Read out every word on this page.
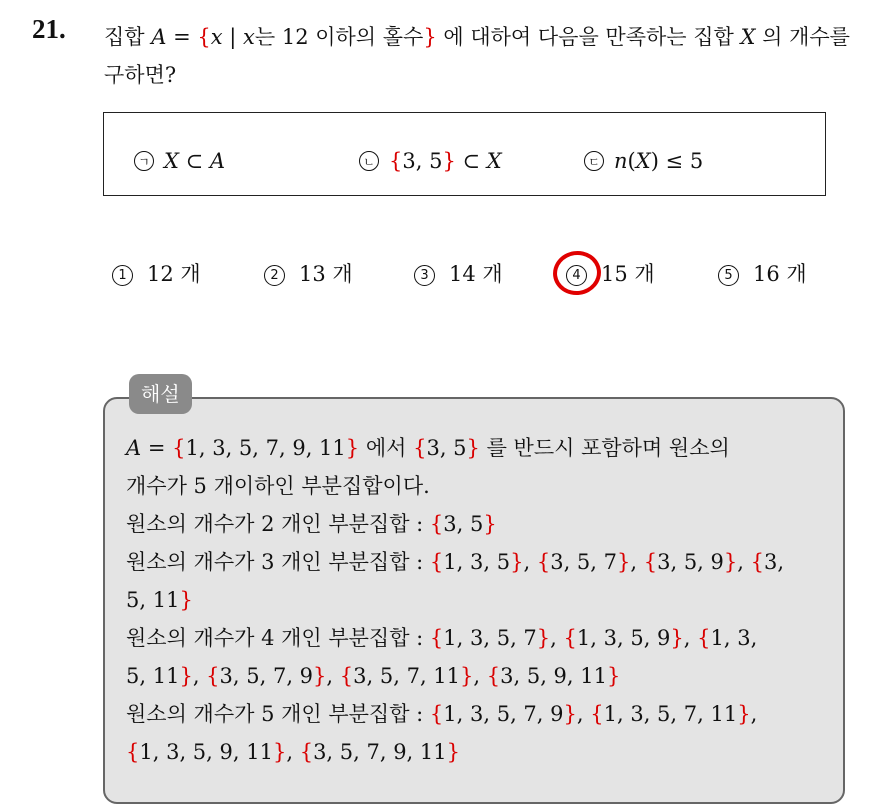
21. 집합 A = {x | x는 12 이하의 홀수} 에 대하여 다음을 만족하는 집합 X 의 개수를 구하면?
ㄱ X ⊂ A	ㄴ {3, 5} ⊂ X	ㄷ n(X) ≤ 5
1 12 개	2 13 개	3 14 개	4 15 개	5 16 개
해설
A = {1, 3, 5, 7, 9, 11} 에서 {3, 5} 를 반드시 포함하며 원소의
개수가 5 개이하인 부분집합이다.
원소의 개수가 2 개인 부분집합 : {3, 5}
원소의 개수가 3 개인 부분집합 : {1, 3, 5}, {3, 5, 7}, {3, 5, 9}, {3,
5, 11}
원소의 개수가 4 개인 부분집합 : {1, 3, 5, 7}, {1, 3, 5, 9}, {1, 3,
5, 11}, {3, 5, 7, 9}, {3, 5, 7, 11}, {3, 5, 9, 11}
원소의 개수가 5 개인 부분집합 : {1, 3, 5, 7, 9}, {1, 3, 5, 7, 11},
{1, 3, 5, 9, 11}, {3, 5, 7, 9, 11}
